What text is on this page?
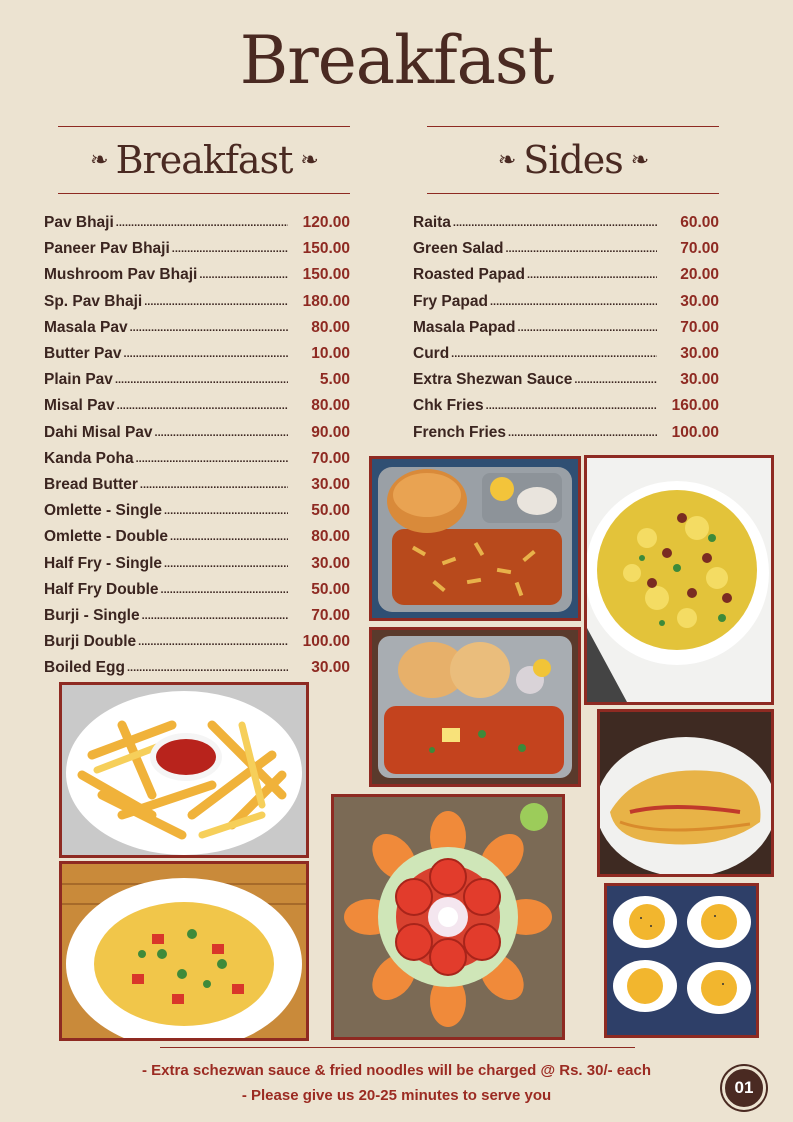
Breakfast
❧ Breakfast ❧	❧ Sides ❧
Pav Bhaji .....	120.00
Paneer Pav Bhaji .....	150.00
Mushroom Pav Bhaji .....	150.00
Sp. Pav Bhaji .....	180.00
Masala Pav .....	80.00
Butter Pav .....	10.00
Plain Pav .....	5.00
Misal Pav .....	80.00
Dahi Misal Pav .....	90.00
Kanda Poha .....	70.00
Bread Butter .....	30.00
Omlette - Single .....	50.00
Omlette - Double .....	80.00
Half Fry - Single .....	30.00
Half Fry Double .....	50.00
Burji - Single .....	70.00
Burji Double .....	100.00
Boiled Egg .....	30.00
Raita .....	60.00
Green Salad .....	70.00
Roasted Papad .....	20.00
Fry Papad .....	30.00
Masala Papad .....	70.00
Curd .....	30.00
Extra Shezwan Sauce .....	30.00
Chk Fries .....	160.00
French Fries .....	100.00
- Extra schezwan sauce & fried noodles will be charged @ Rs. 30/- each
- Please give us 20-25 minutes to serve you	01
